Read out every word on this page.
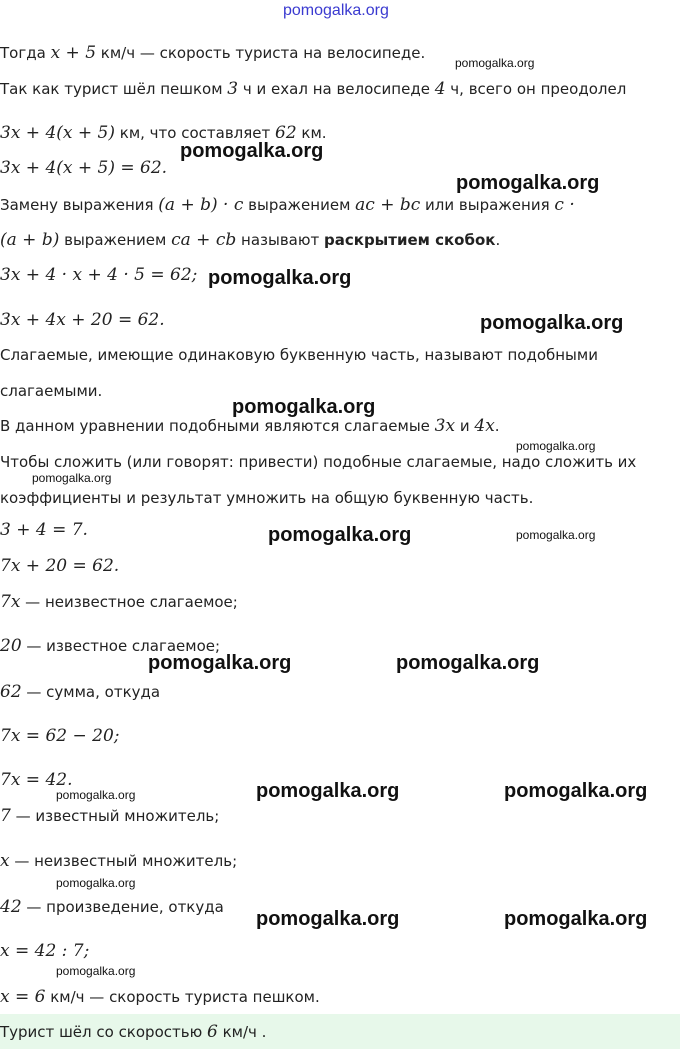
pomogalka.org
Тогда x + 5 км/ч — скорость туриста на велосипеде.
pomogalka.org
Так как турист шёл пешком 3 ч и ехал на велосипеде 4 ч, всего он преодолел
3x + 4(x + 5) км, что составляет 62 км.
3x + 4(x + 5) = 62.
pomogalka.org
pomogalka.org
Замену выражения (a + b) · c выражением ac + bc или выражения c ·
(a + b) выражением ca + cb называют раскрытием скобок.
3x + 4 · x + 4 · 5 = 62; pomogalka.org
3x + 4x + 20 = 62.	pomogalka.org
Слагаемые, имеющие одинаковую буквенную часть, называют подобными
слагаемыми.
pomogalka.org
В данном уравнении подобными являются слагаемые 3x и 4x.
pomogalka.org
Чтобы сложить (или говорят: привести) подобные слагаемые, надо сложить их
pomogalka.org
коэффициенты и результат умножить на общую буквенную часть.
3 + 4 = 7.	pomogalka.org	pomogalka.org
7x + 20 = 62.
7x — неизвестное слагаемое;
20 — известное слагаемое;
pomogalka.org	pomogalka.org
62 — сумма, откуда
7x = 62 − 20;
7x = 42.
pomogalka.org	pomogalka.org	pomogalka.org
7 — известный множитель;
x — неизвестный множитель;
pomogalka.org
42 — произведение, откуда
pomogalka.org	pomogalka.org
x = 42 : 7;
pomogalka.org
x = 6 км/ч — скорость туриста пешком.
Турист шёл со скоростью 6 км/ч .
